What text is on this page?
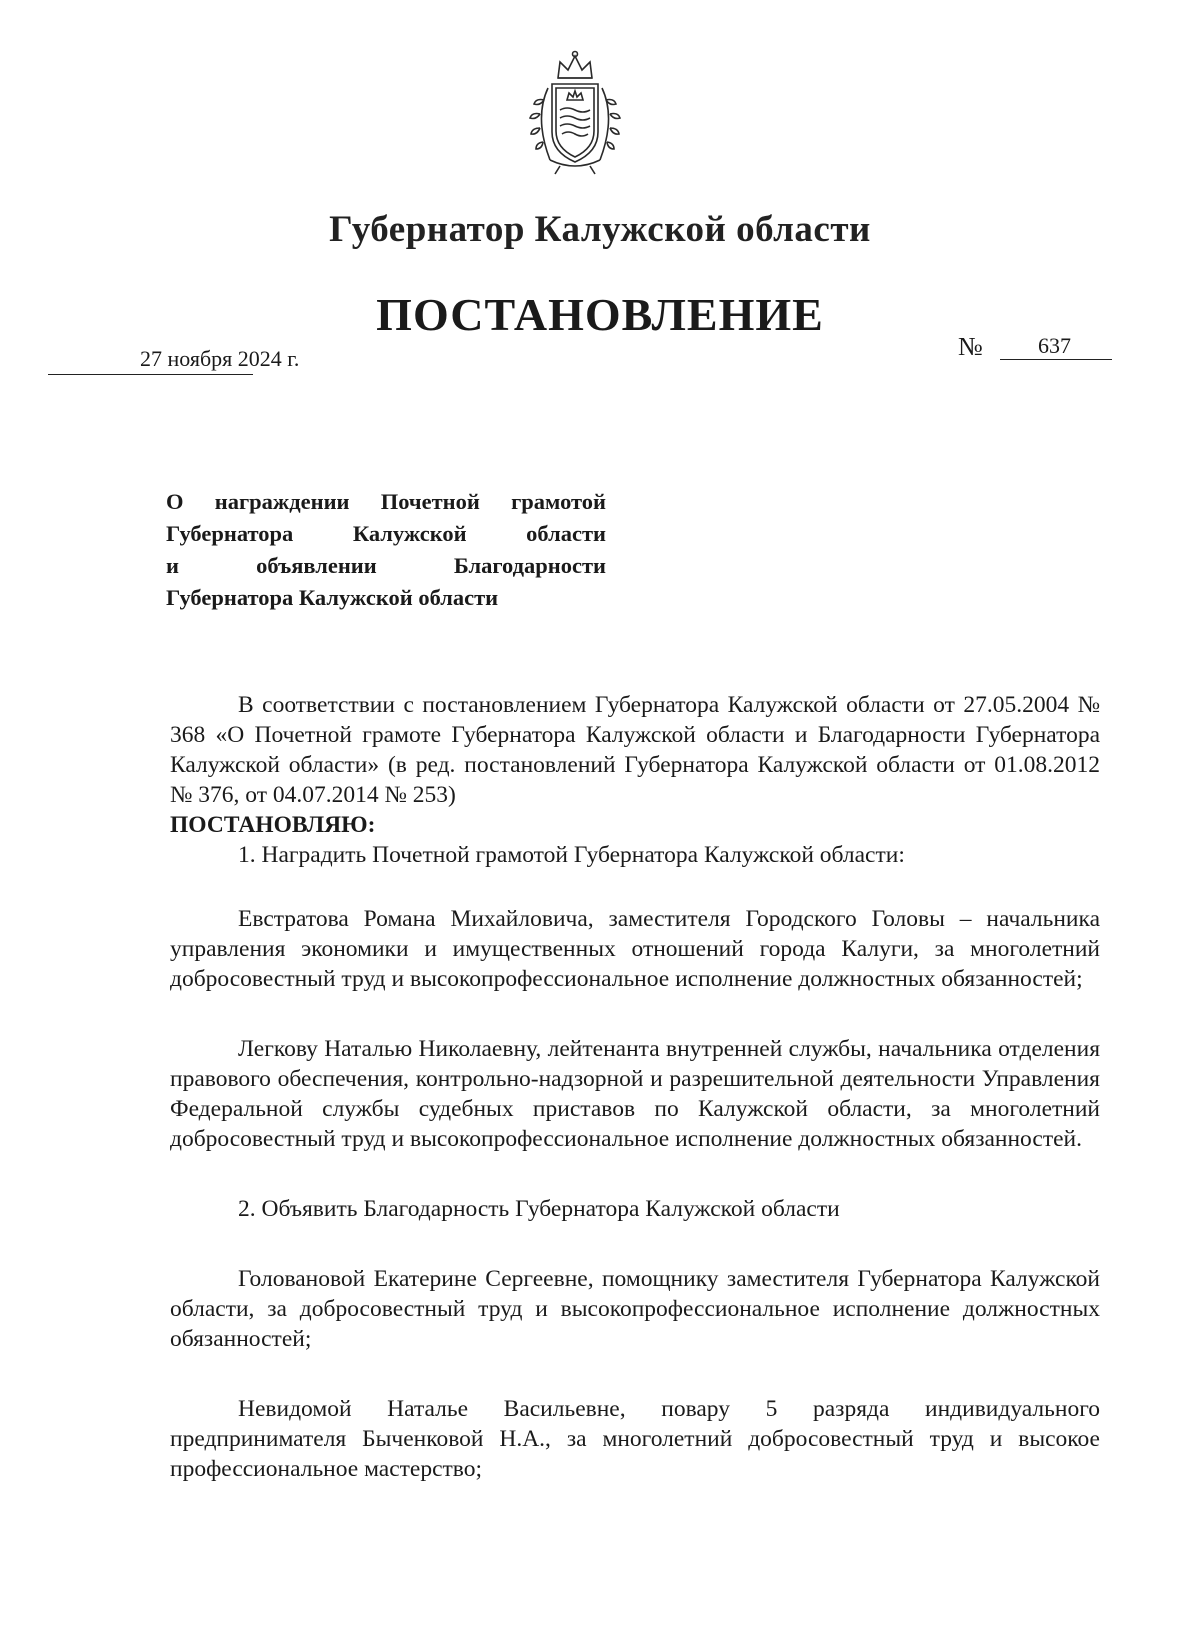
Губернатор Калужской области
ПОСТАНОВЛЕНИЕ
27 ноября 2024 г.	№	637
О награждении Почетной грамотой
Губернатора Калужской области
и объявлении Благодарности
Губернатора Калужской области

В соответствии с постановлением Губернатора Калужской области от 27.05.2004 № 368 «О Почетной грамоте Губернатора Калужской области и Благодарности Губернатора Калужской области» (в ред. постановлений Губернатора Калужской области от 01.08.2012 № 376, от 04.07.2014 № 253)

ПОСТАНОВЛЯЮ:

1. Наградить Почетной грамотой Губернатора Калужской области:

Евстратова Романа Михайловича, заместителя Городского Головы – начальника управления экономики и имущественных отношений города Калуги, за многолетний добросовестный труд и высокопрофессиональное исполнение должностных обязанностей;

Легкову Наталью Николаевну, лейтенанта внутренней службы, начальника отделения правового обеспечения, контрольно-надзорной и разрешительной деятельности Управления Федеральной службы судебных приставов по Калужской области, за многолетний добросовестный труд и высокопрофессиональное исполнение должностных обязанностей.

2. Объявить Благодарность Губернатора Калужской области

Головановой Екатерине Сергеевне, помощнику заместителя Губернатора Калужской области, за добросовестный труд и высокопрофессиональное исполнение должностных обязанностей;

Невидомой Наталье Васильевне, повару 5 разряда индивидуального предпринимателя Быченковой Н.А., за многолетний добросовестный труд и высокое профессиональное мастерство;
